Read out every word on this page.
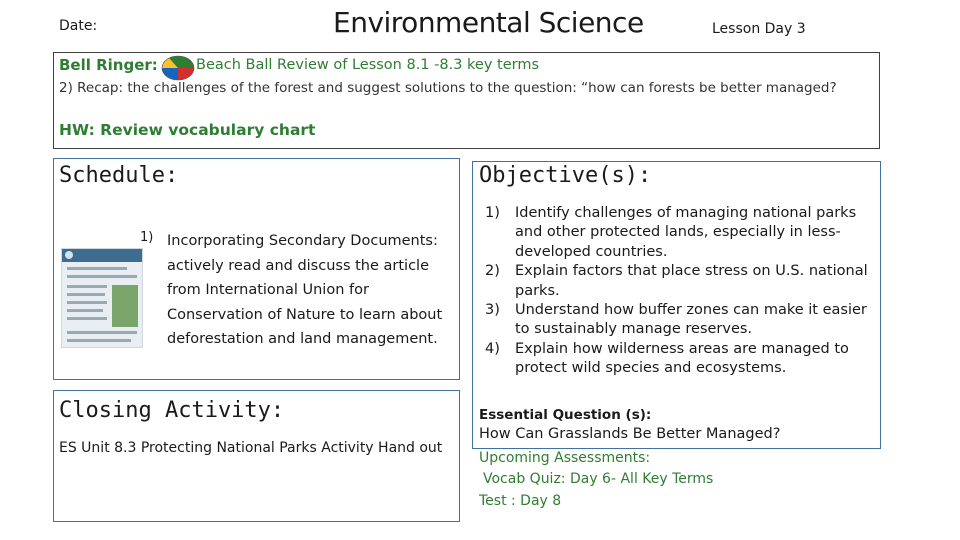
Date:	Environmental Science	Lesson Day 3
Bell Ringer:	Beach Ball Review of Lesson 8.1 -8.3 key terms
2) Recap: the challenges of the forest and suggest solutions to the question: “how can forests be better managed?
HW: Review vocabulary chart
Schedule:
1) Incorporating Secondary Documents: actively read and discuss the article from International Union for Conservation of Nature to learn about deforestation and land management.
Objective(s):
1) Identify challenges of managing national parks and other protected lands, especially in less-developed countries.
2) Explain factors that place stress on U.S. national parks.
3) Understand how buffer zones can make it easier to sustainably manage reserves.
4) Explain how wilderness areas are managed to protect wild species and ecosystems.
Closing Activity:
ES Unit 8.3 Protecting National Parks Activity Hand out
Essential Question (s):
How Can Grasslands Be Better Managed?
Upcoming Assessments:
Vocab Quiz: Day 6- All Key Terms
Test : Day 8
